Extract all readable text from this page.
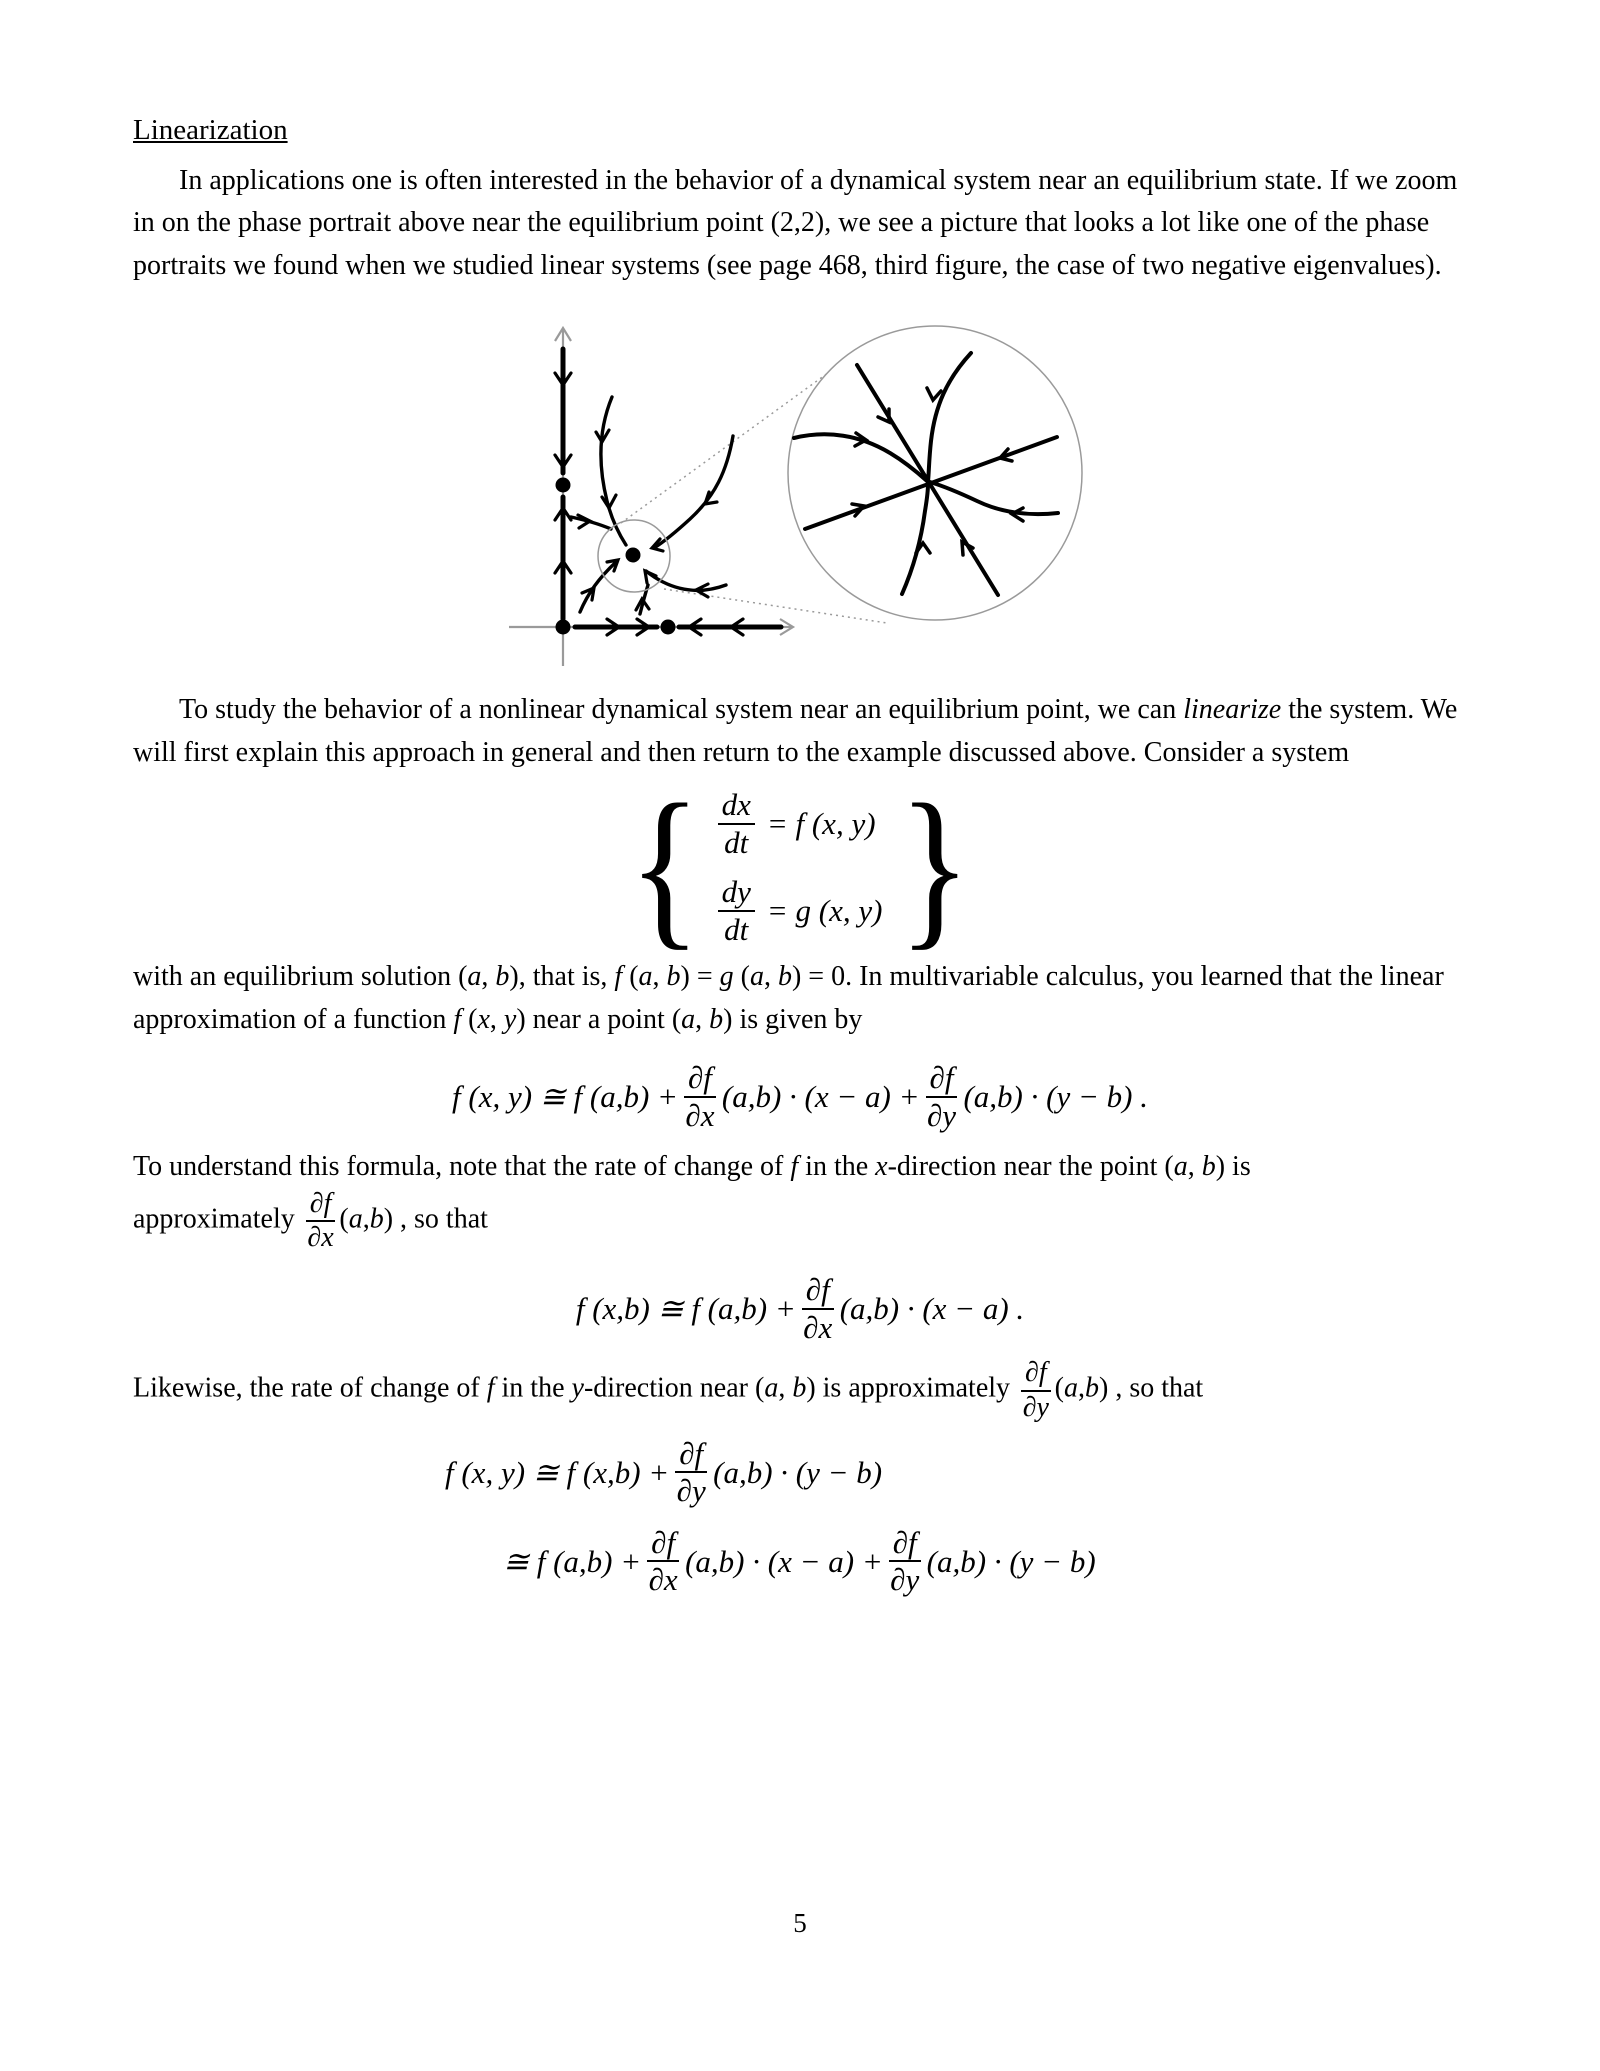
Linearization

In applications one is often interested in the behavior of a dynamical system near an equilibrium state. If we zoom in on the phase portrait above near the equilibrium point (2,2), we see a picture that looks a lot like one of the phase portraits we found when we studied linear systems (see page 468, third figure, the case of two negative eigenvalues).

To study the behavior of a nonlinear dynamical system near an equilibrium point, we can linearize the system. We will first explain this approach in general and then return to the example discussed above. Consider a system

{ $\frac{dx}{dt} = f$ (x, y)
$\frac{dy}{dt} = g$ (x, y) }

with an equilibrium solution (a, b), that is, f (a, b) = g (a, b) = 0. In multivariable calculus, you learned that the linear approximation of a function f (x, y) near a point (a, b) is given by

f (x, y) ≅ f $(a,b) + \frac{\partial f}{\partial x} (a,b) \cdot (x - a) + \frac{\partial f}{\partial y} (a,b) \cdot (y - b)$ .

To understand this formula, note that the rate of change of f in the x-direction near the point (a, b) is
approximately $\frac{\partial f}{\partial x} (a,b)$ , so that

f (x,b) ≅ f $(a,b) + \frac{\partial f}{\partial x} (a,b) \cdot (x - a)$ .

Likewise, the rate of change of f in the y-direction near (a, b) is approximately $\frac{\partial f}{\partial y} (a,b)$ , so that

f (x, y) ≅ f $(x,b) + \frac{\partial f}{\partial y} (a,b) \cdot (y - b)$
≅ f $(a,b) + \frac{\partial f}{\partial x} (a,b) \cdot (x - a) + \frac{\partial f}{\partial y} (a,b) \cdot (y - b)$
5
